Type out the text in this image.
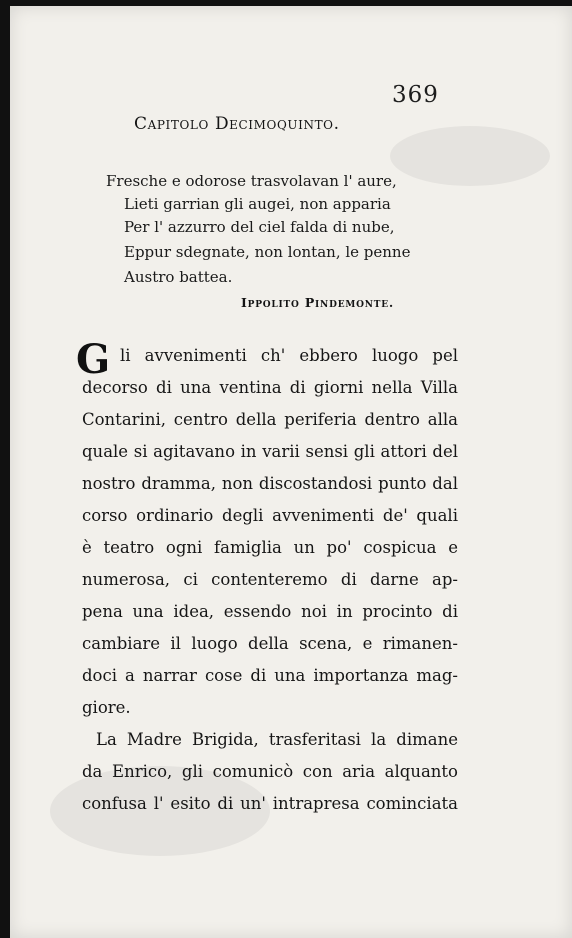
369
Capitolo Decimoquinto.
Fresche e odorose trasvolavan l' aure,
Lieti garrian gli augei, non apparia
Per l' azzurro del ciel falda di nube,
Eppur sdegnate, non lontan, le penne
Austro battea.
Ippolito Pindemonte.
G li avvenimenti ch' ebbero luogo pel
decorso di una ventina di giorni nella Villa
Contarini, centro della periferia dentro alla
quale si agitavano in varii sensi gli attori del
nostro dramma, non discostandosi punto dal
corso ordinario degli avvenimenti de' quali
è teatro ogni famiglia un po' cospicua e
numerosa, ci contenteremo di darne ap-
pena una idea, essendo noi in procinto di
cambiare il luogo della scena, e rimanen-
doci a narrar cose di una importanza mag-
giore.
La Madre Brigida, trasferitasi la dimane
da Enrico, gli comunicò con aria alquanto
confusa l' esito di un' intrapresa cominciata
